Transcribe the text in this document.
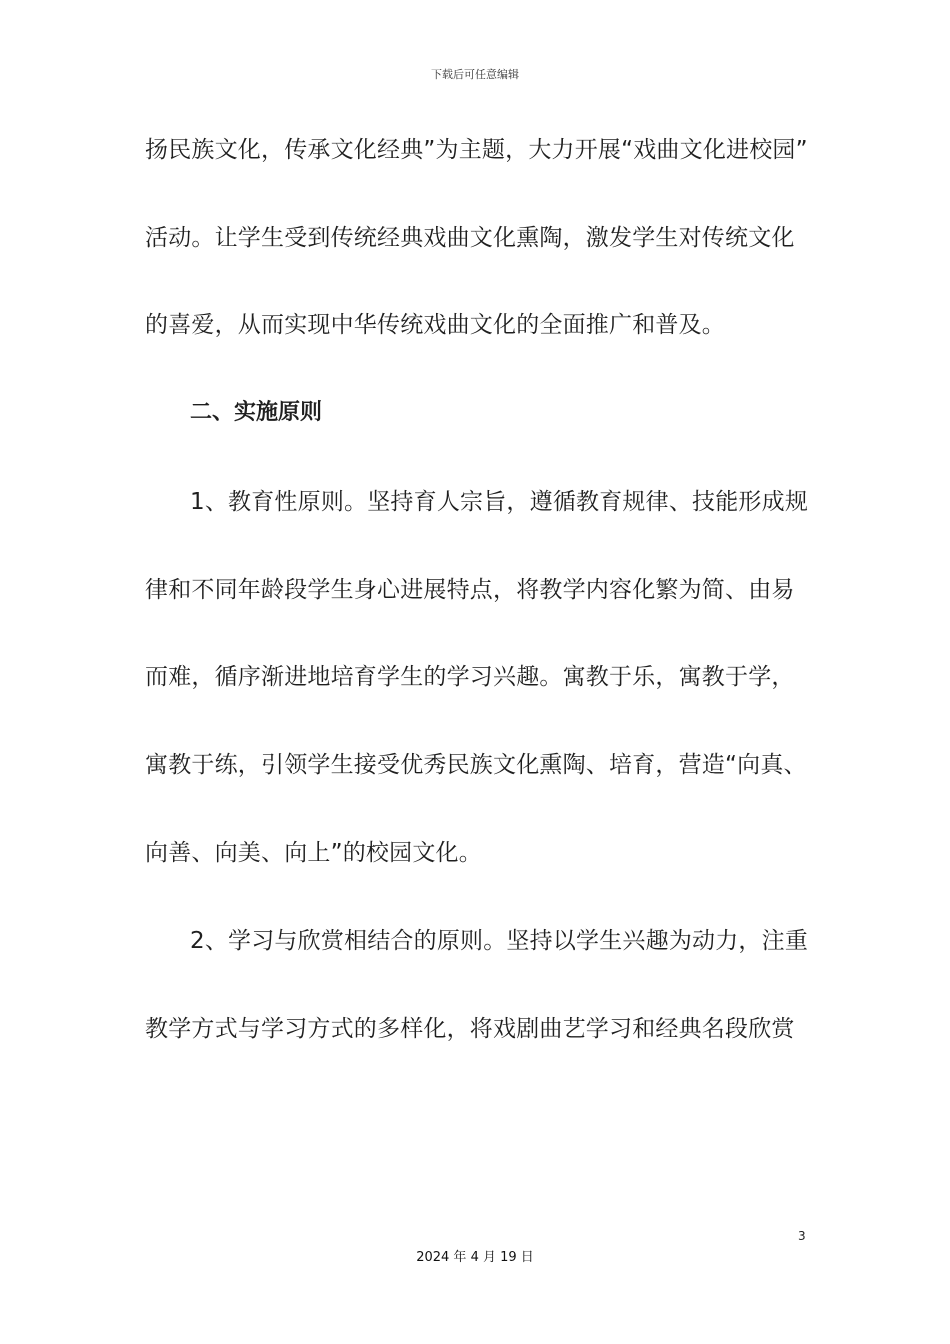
下载后可任意编辑
扬民族文化，传承文化经典”为主题，大力开展“戏曲文化进校园”
活动。让学生受到传统经典戏曲文化熏陶，激发学生对传统文化
的喜爱，从而实现中华传统戏曲文化的全面推广和普及。
二、实施原则
1、教育性原则。坚持育人宗旨，遵循教育规律、技能形成规
律和不同年龄段学生身心进展特点，将教学内容化繁为简、由易
而难，循序渐进地培育学生的学习兴趣。寓教于乐，寓教于学，
寓教于练，引领学生接受优秀民族文化熏陶、培育，营造“向真、
向善、向美、向上”的校园文化。
2、学习与欣赏相结合的原则。坚持以学生兴趣为动力，注重
教学方式与学习方式的多样化，将戏剧曲艺学习和经典名段欣赏
3
2024 年 4 月 19 日
